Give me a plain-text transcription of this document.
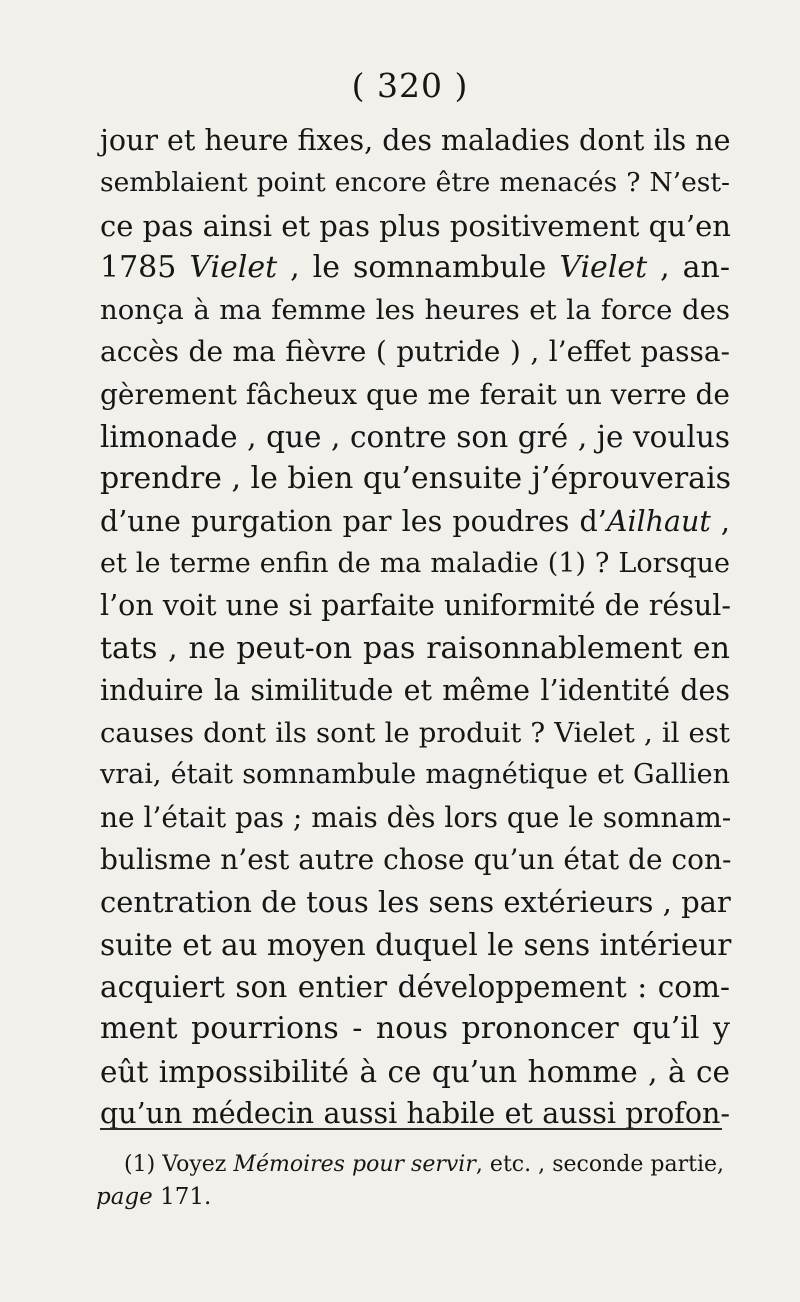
( 320 )
jour et heure fixes, des maladies dont ils ne
semblaient point encore être menacés ? N’est-
ce pas ainsi et pas plus positivement qu’en
1785 Vielet , le somnambule Vielet , an-
nonça à ma femme les heures et la force des
accès de ma fièvre ( putride ) , l’effet passa-
gèrement fâcheux que me ferait un verre de
limonade , que , contre son gré , je voulus
prendre , le bien qu’ensuite j’éprouverais
d’une purgation par les poudres d’Ailhaut ,
et le terme enfin de ma maladie (1) ? Lorsque
l’on voit une si parfaite uniformité de résul-
tats , ne peut-on pas raisonnablement en
induire la similitude et même l’identité des
causes dont ils sont le produit ? Vielet , il est
vrai, était somnambule magnétique et Gallien
ne l’était pas ; mais dès lors que le somnam-
bulisme n’est autre chose qu’un état de con-
centration de tous les sens extérieurs , par
suite et au moyen duquel le sens intérieur
acquiert son entier développement : com-
ment pourrions - nous prononcer qu’il y
eût impossibilité à ce qu’un homme , à ce
qu’un médecin aussi habile et aussi profon-
(1) Voyez Mémoires pour servir, etc. , seconde partie,
page 171.
